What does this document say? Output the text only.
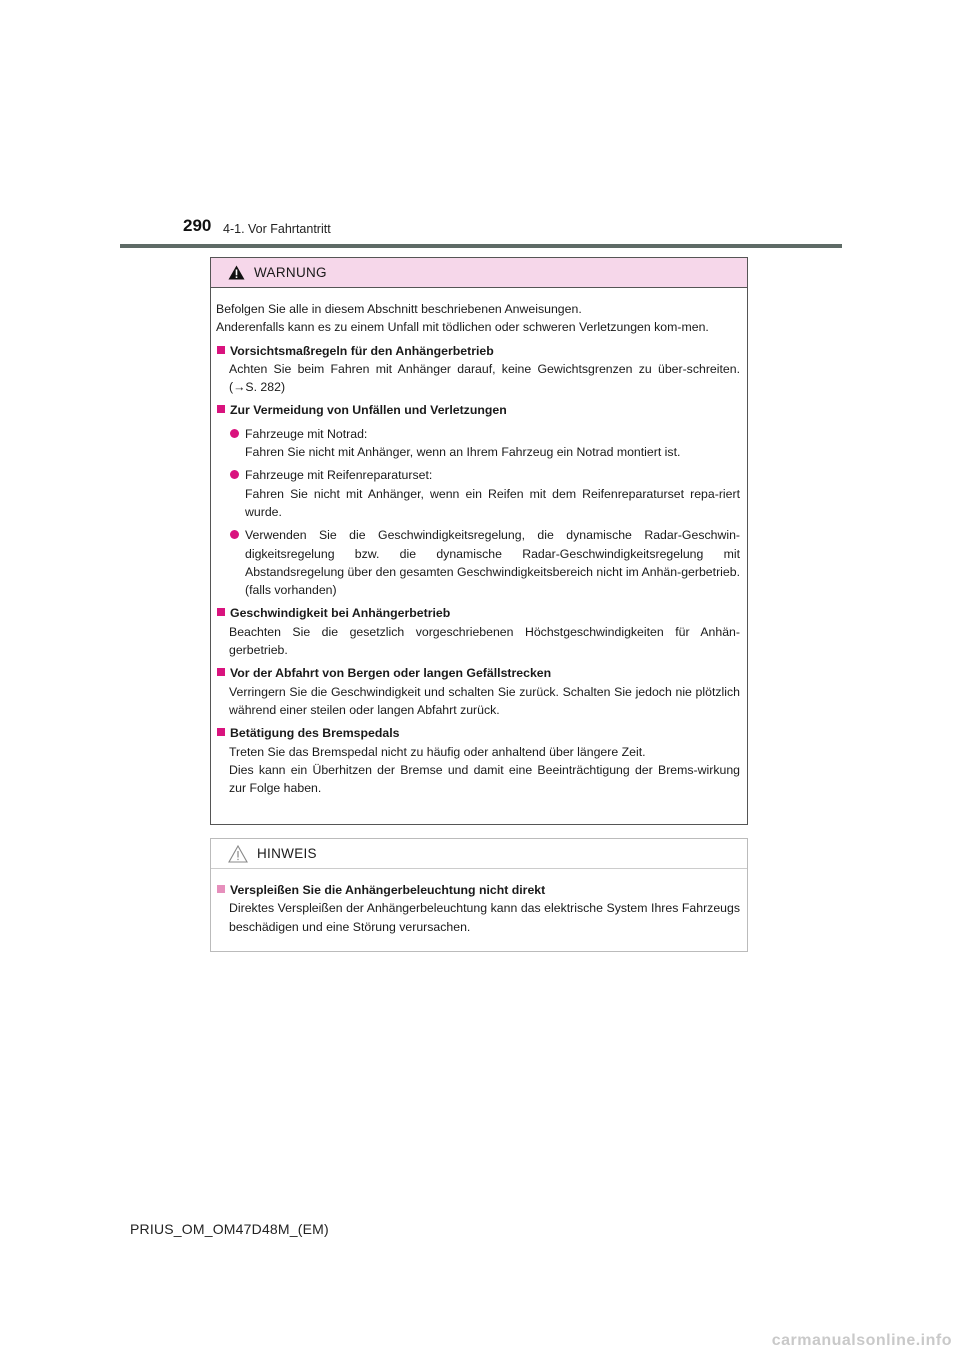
290 4-1. Vor Fahrtantritt
WARNUNG
Befolgen Sie alle in diesem Abschnitt beschriebenen Anweisungen.
Anderenfalls kann es zu einem Unfall mit tödlichen oder schweren Verletzungen kom-men.
Vorsichtsmaßregeln für den Anhängerbetrieb
Achten Sie beim Fahren mit Anhänger darauf, keine Gewichtsgrenzen zu über-schreiten. (→S. 282)
Zur Vermeidung von Unfällen und Verletzungen
Fahrzeuge mit Notrad:
Fahren Sie nicht mit Anhänger, wenn an Ihrem Fahrzeug ein Notrad montiert ist.
Fahrzeuge mit Reifenreparaturset:
Fahren Sie nicht mit Anhänger, wenn ein Reifen mit dem Reifenreparaturset repa-riert wurde.
Verwenden Sie die Geschwindigkeitsregelung, die dynamische Radar-Geschwin-digkeitsregelung bzw. die dynamische Radar-Geschwindigkeitsregelung mit Abstandsregelung über den gesamten Geschwindigkeitsbereich nicht im Anhän-gerbetrieb. (falls vorhanden)
Geschwindigkeit bei Anhängerbetrieb
Beachten Sie die gesetzlich vorgeschriebenen Höchstgeschwindigkeiten für Anhän-gerbetrieb.
Vor der Abfahrt von Bergen oder langen Gefällstrecken
Verringern Sie die Geschwindigkeit und schalten Sie zurück. Schalten Sie jedoch nie plötzlich während einer steilen oder langen Abfahrt zurück.
Betätigung des Bremspedals
Treten Sie das Bremspedal nicht zu häufig oder anhaltend über längere Zeit.
Dies kann ein Überhitzen der Bremse und damit eine Beeinträchtigung der Brems-wirkung zur Folge haben.
HINWEIS
Verspleißen Sie die Anhängerbeleuchtung nicht direkt
Direktes Verspleißen der Anhängerbeleuchtung kann das elektrische System Ihres Fahrzeugs beschädigen und eine Störung verursachen.
PRIUS_OM_OM47D48M_(EM)
carmanualsonline.info
